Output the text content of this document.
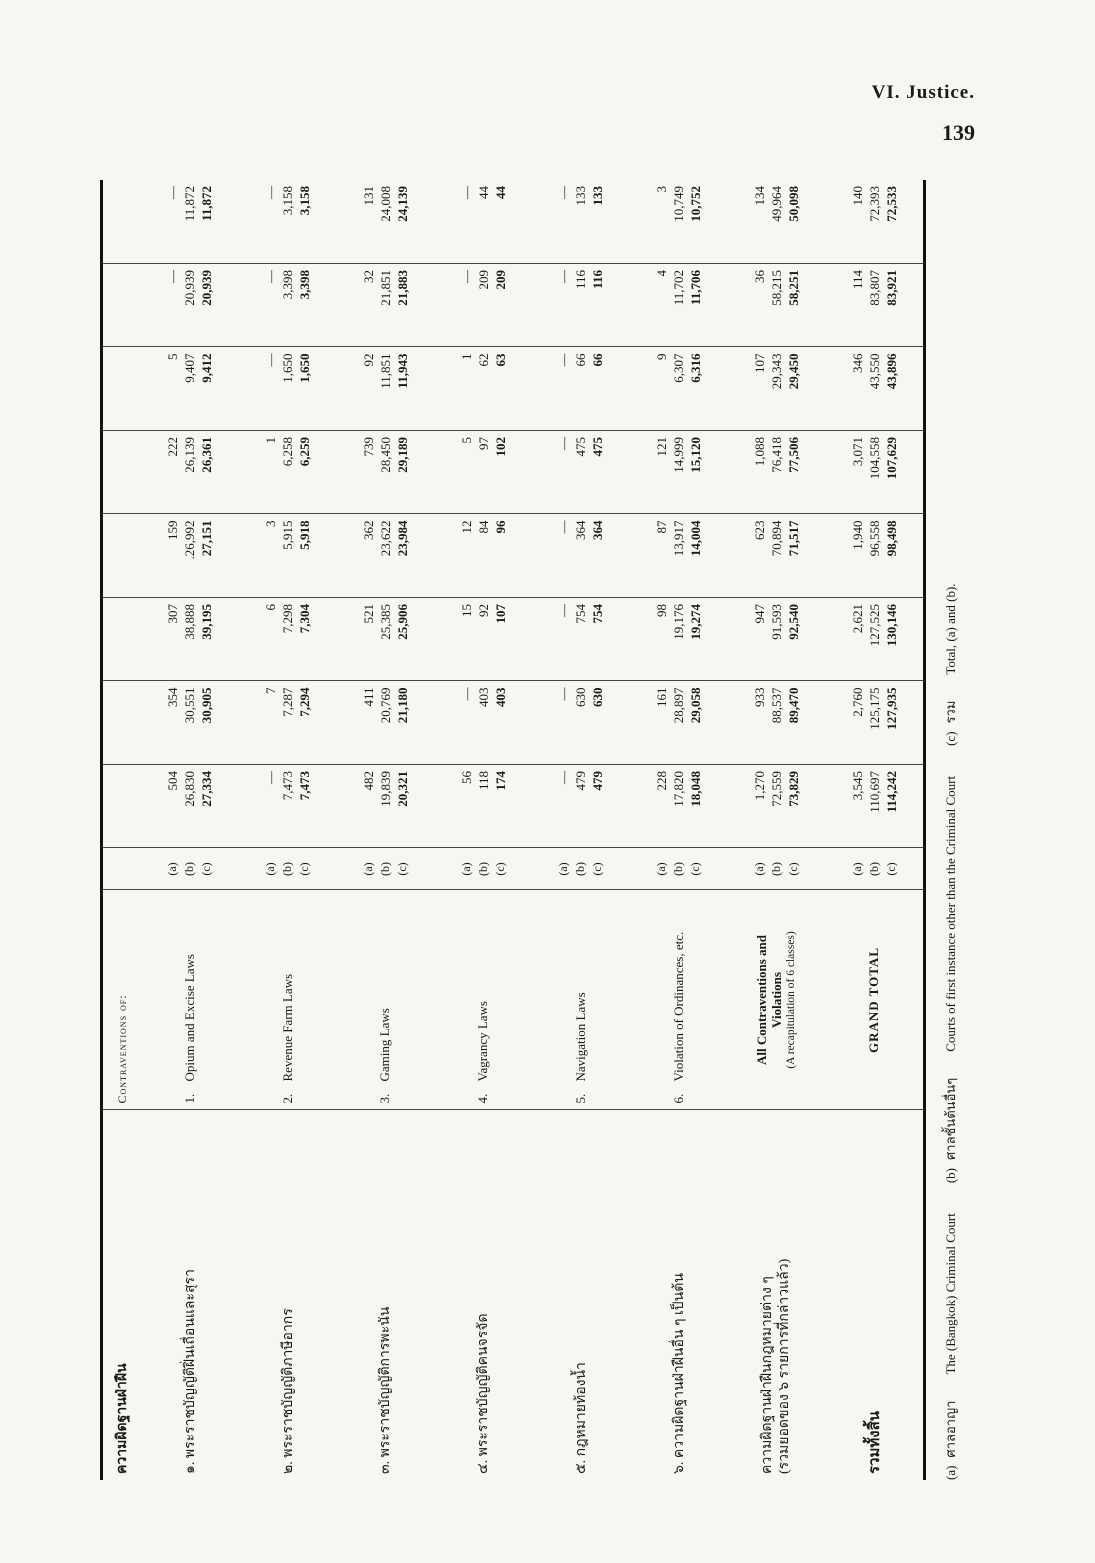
VI. Justice.
139
ความผิดฐานฝ่าฝืน	Contraventions of:									
๑. พระราชบัญญัติฝิ่นเถื่อนและสุรา	1.Opium and Excise Laws	(a) (b) (c)	504 26,830 27,334	354 30,551 30,905	307 38,888 39,195	159 .26,992 27,151	222 26,139 26,361	5 9,407 9,412	— 20,939 20,939	— 11,872 11,872

๒. พระราชบัญญัติภาษีอากร	2.Revenue Farm Laws	(a) (b) (c)	— 7,473 7,473	7 7,287 7,294	6 7,298 7,304	3 5,915 5,918	1 6,258 6,259	— 1,650 1,650	— 3,398 3,398	— 3,158 3,158

๓. พระราชบัญญัติการพะนัน	3.Gaming Laws	(a) (b) (c)	482 19,839 20,321	411 20,769 21,180	521 25,385 25,906	362 23,622 23,984	739 28,450 29,189	92 11,851 11,943	32 21,851 21,883	131 24,008 24,139

๔. พระราชบัญญัติคนจรจัด	4.Vagrancy Laws	(a) (b) (c)	56 118 174	— 403 403	15 92 107	12 84 96	5 97 102	1 62 63	— 209 209	— 44 44

๕. กฎหมายท้องน้ำ	5.Navigation Laws	(a) (b) (c)	— 479 479	— 630 630	— 754 754	— 364 364	— 475 475	— 66 66	— 116 116	— 133 133

๖. ความผิดฐานฝ่าฝืนอื่น ๆ เป็นต้น	6.Violation of Ordinances, etc.	(a) (b) (c)	228 17,820 18,048	161 28,897 29,058	98 19,176 19,274	87 13,917 14,004	121 14,999 15,120	9 6,307 6,316	4 11,702 11,706	3 10,749 10,752

ความผิดฐานฝ่าฝืนกฎหมายต่าง ๆ (รวมยอดของ ๖ รายการที่กล่าวแล้ว)	All Contraventions and Violations (A recapitulation of 6 classes)	(a) (b) (c)	1,270 72,559 73,829	933 88,537 89,470	947 91,593 92,540	623 70,894 71,517	1,088 76,418 77,506	107 29,343 29,450	36 58,215 58,251	134 49,964 50,098

รวมทั้งสิ้น	GRAND TOTAL	(a) (b) (c)	3,545 110,697 114,242	2,760 125,175 127,935	2,621 127,525 130,146	1,940 96,558 98,498	3,071 104,558 107,629	346 43,550 43,896	114 83,807 83,921	140 72,393 72,533
(a)
ศาลอาญา
The (Bangkok) Criminal Court
(b)
ศาลชั้นต้นอื่นๆ
Courts of first instance other than the Criminal Court
(c)
รวม
Total, (a) and (b).
